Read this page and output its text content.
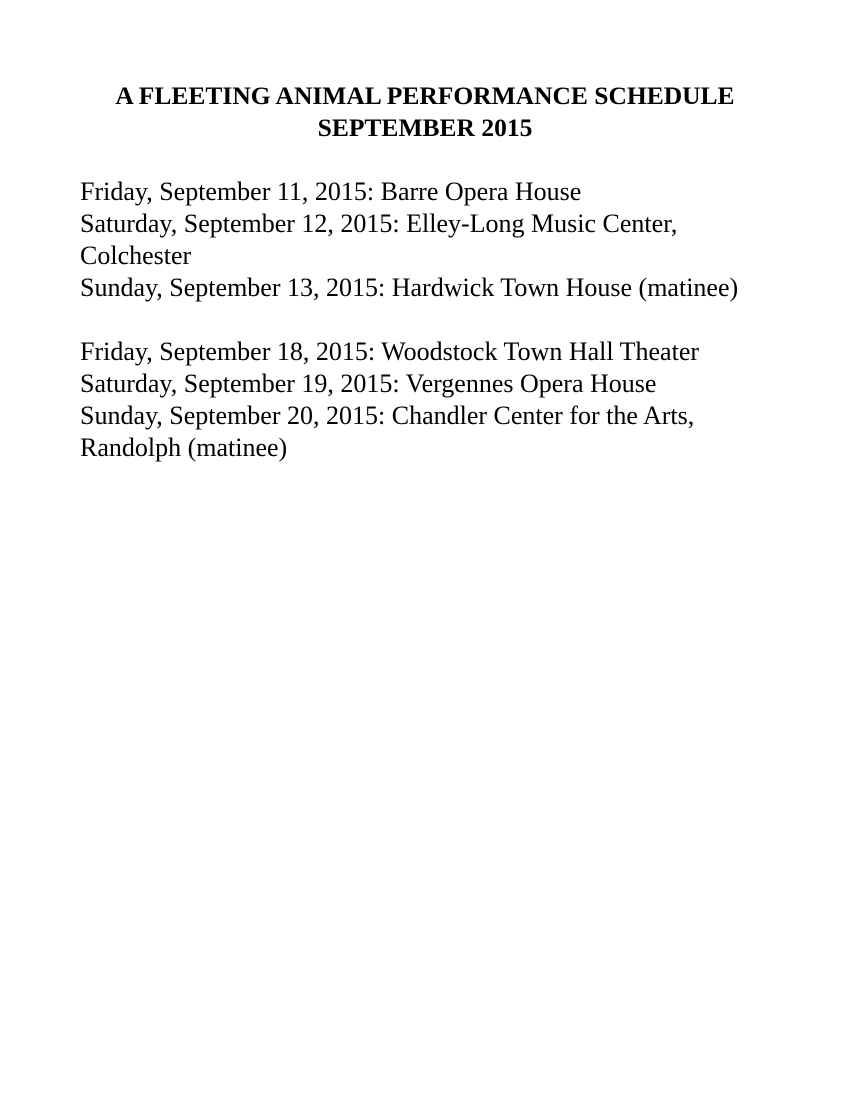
A FLEETING ANIMAL PERFORMANCE SCHEDULE
SEPTEMBER 2015
Friday, September 11, 2015: Barre Opera House
Saturday, September 12, 2015: Elley-Long Music Center, Colchester
Sunday, September 13, 2015: Hardwick Town House (matinee)
Friday, September 18, 2015: Woodstock Town Hall Theater
Saturday, September 19, 2015: Vergennes Opera House
Sunday, September 20, 2015: Chandler Center for the Arts, Randolph (matinee)
